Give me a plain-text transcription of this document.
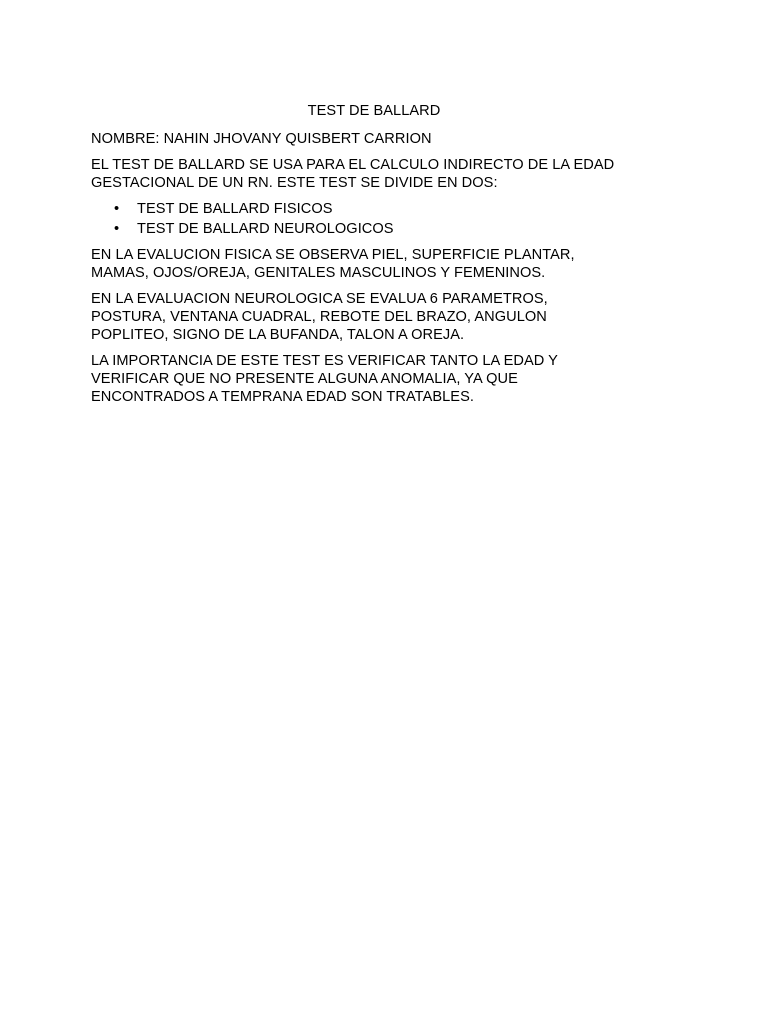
TEST DE BALLARD

NOMBRE: NAHIN JHOVANY QUISBERT CARRION

EL TEST DE BALLARD SE USA PARA EL CALCULO INDIRECTO DE LA EDAD GESTACIONAL DE UN RN. ESTE TEST SE DIVIDE EN DOS:

• TEST DE BALLARD FISICOS
• TEST DE BALLARD NEUROLOGICOS

EN LA EVALUCION FISICA SE OBSERVA PIEL, SUPERFICIE PLANTAR, MAMAS, OJOS/OREJA, GENITALES MASCULINOS Y FEMENINOS.

EN LA EVALUACION NEUROLOGICA SE EVALUA 6 PARAMETROS, POSTURA, VENTANA CUADRAL, REBOTE DEL BRAZO, ANGULON POPLITEO, SIGNO DE LA BUFANDA, TALON A OREJA.

LA IMPORTANCIA DE ESTE TEST ES VERIFICAR TANTO LA EDAD Y VERIFICAR QUE NO PRESENTE ALGUNA ANOMALIA, YA QUE ENCONTRADOS A TEMPRANA EDAD SON TRATABLES.
